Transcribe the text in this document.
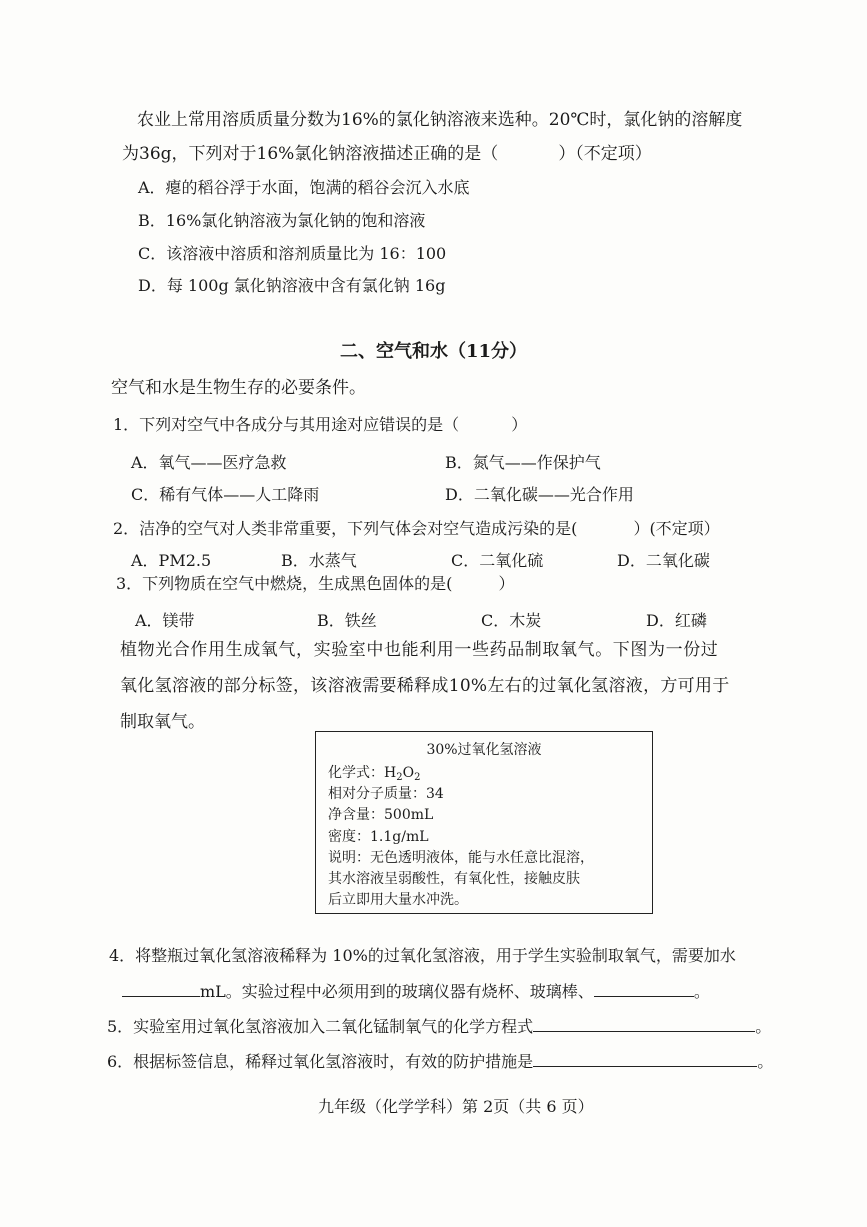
农业上常用溶质质量分数为16%的氯化钠溶液来选种。20℃时，氯化钠的溶解度
为36g，下列对于16%氯化钠溶液描述正确的是（	）（不定项）
A．瘪的稻谷浮于水面，饱满的稻谷会沉入水底
B．16%氯化钠溶液为氯化钠的饱和溶液
C．该溶液中溶质和溶剂质量比为 16：100
D．每 100g 氯化钠溶液中含有氯化钠 16g
二、空气和水（11分）
空气和水是生物生存的必要条件。
1．下列对空气中各成分与其用途对应错误的是（	）
A．氧气——医疗急救	B．氮气——作保护气
C．稀有气体——人工降雨	D．二氧化碳——光合作用
2．洁净的空气对人类非常重要，下列气体会对空气造成污染的是(	）(不定项）
A．PM2.5	B．水蒸气	C．二氧化硫	D．二氧化碳
3．下列物质在空气中燃烧，生成黑色固体的是(	）
A．镁带	B．铁丝	C．木炭	D．红磷
植物光合作用生成氧气，实验室中也能利用一些药品制取氧气。下图为一份过
氧化氢溶液的部分标签，该溶液需要稀释成10%左右的过氧化氢溶液，方可用于
制取氧气。
30%过氧化氢溶液
化学式：$H_2O_2$
相对分子质量：34
净含量：500mL
密度：1.1g/mL
说明：无色透明液体，能与水任意比混溶，
其水溶液呈弱酸性，有氧化性，接触皮肤
后立即用大量水冲洗。
4．将整瓶过氧化氢溶液稀释为 10%的过氧化氢溶液，用于学生实验制取氧气，需要加水
mL。实验过程中必须用到的玻璃仪器有烧杯、玻璃棒、	。
5．实验室用过氧化氢溶液加入二氧化锰制氧气的化学方程式	。
6．根据标签信息，稀释过氧化氢溶液时，有效的防护措施是	。
九年级（化学学科）第 2页（共 6 页）
